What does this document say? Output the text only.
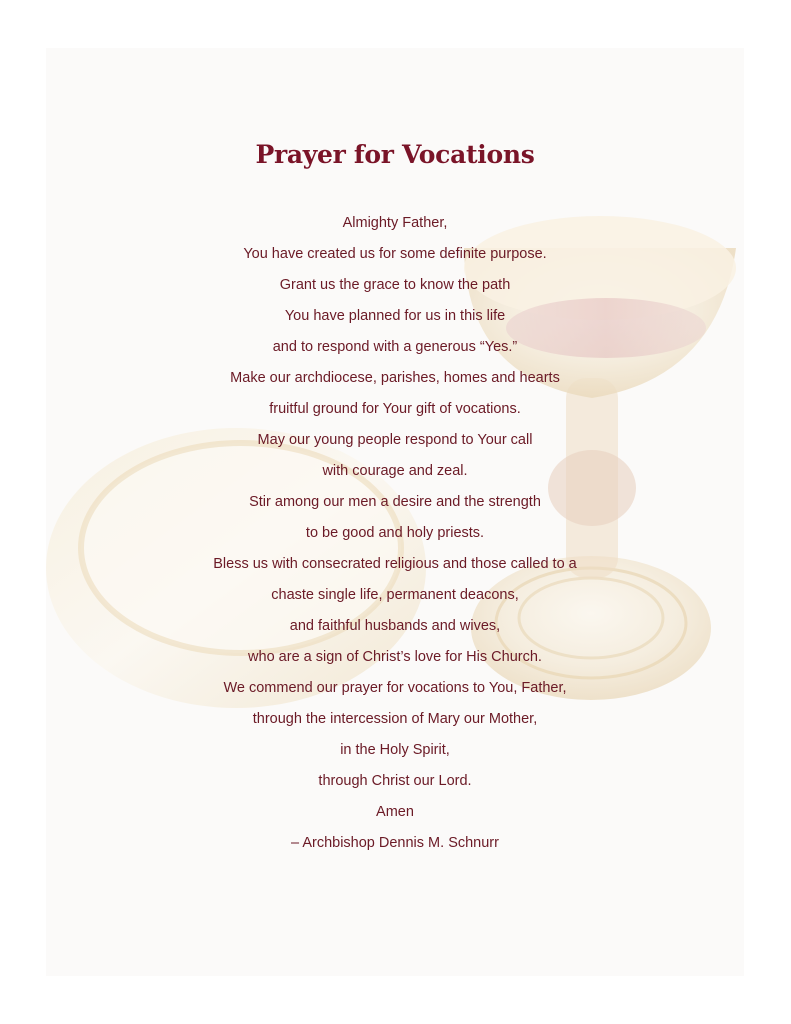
Prayer for Vocations
Almighty Father,
You have created us for some definite purpose.
Grant us the grace to know the path
You have planned for us in this life
and to respond with a generous “Yes.”
Make our archdiocese, parishes, homes and hearts
fruitful ground for Your gift of vocations.
May our young people respond to Your call
with courage and zeal.
Stir among our men a desire and the strength
to be good and holy priests.
Bless us with consecrated religious and those called to a
chaste single life, permanent deacons,
and faithful husbands and wives,
who are a sign of Christ’s love for His Church.
We commend our prayer for vocations to You, Father,
through the intercession of Mary our Mother,
in the Holy Spirit,
through Christ our Lord.
Amen
– Archbishop Dennis M. Schnurr
